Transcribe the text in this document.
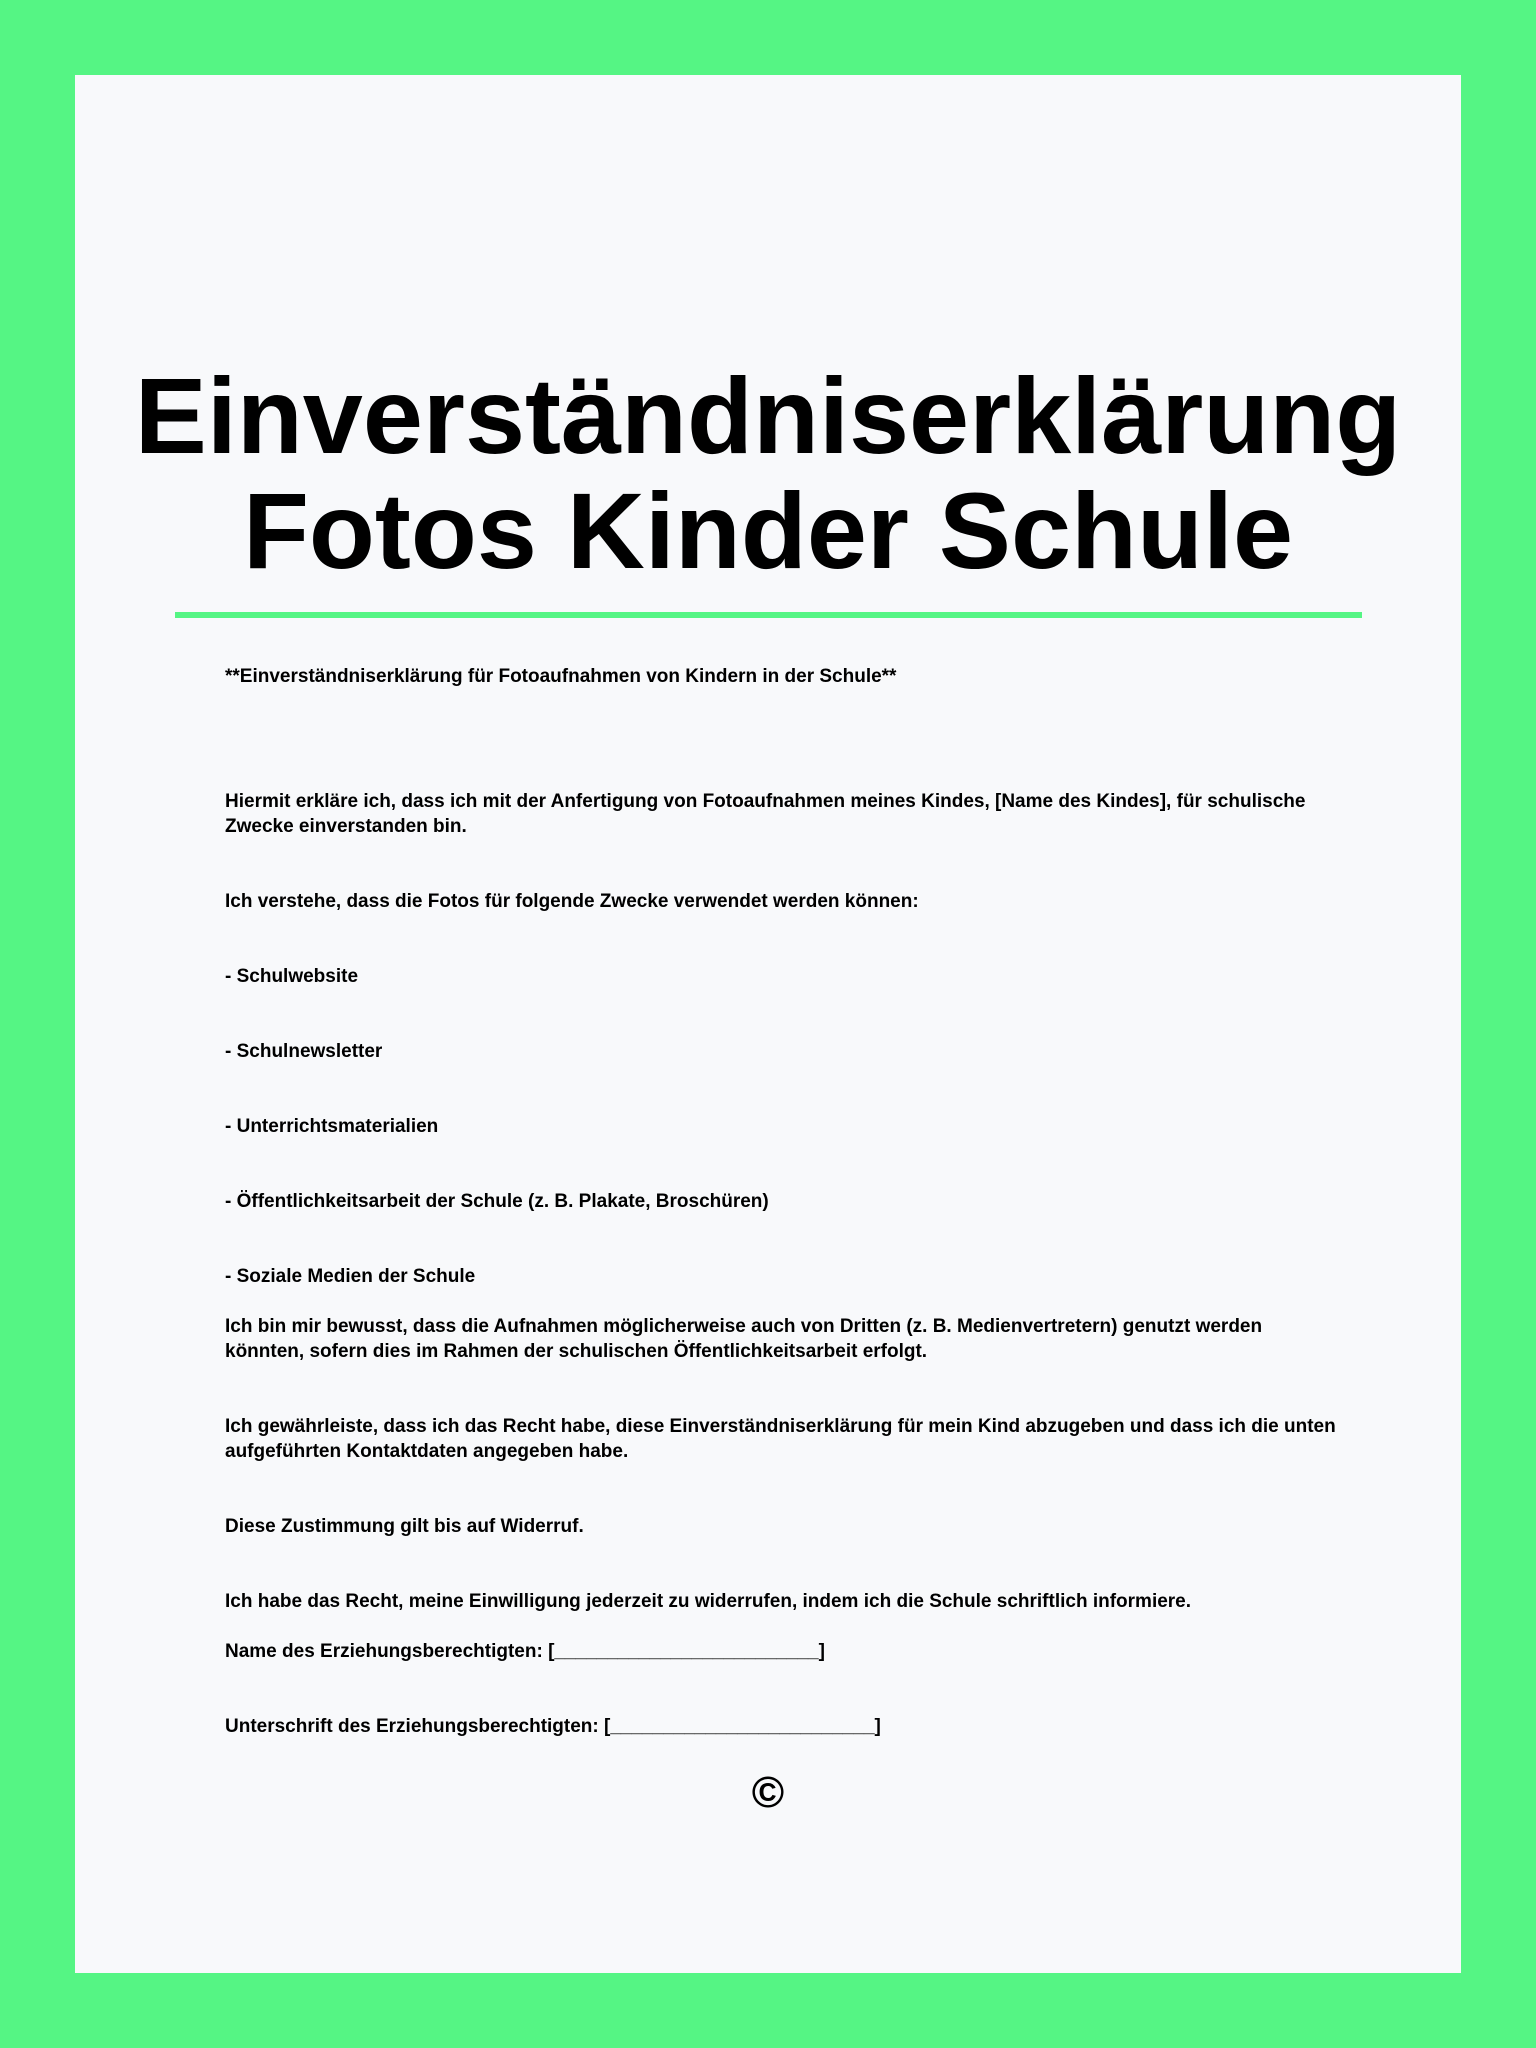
Einverständniserklärung
Fotos Kinder Schule

**Einverständniserklärung für Fotoaufnahmen von Kindern in der Schule**

Hiermit erkläre ich, dass ich mit der Anfertigung von Fotoaufnahmen meines Kindes, [Name des Kindes], für schulische Zwecke einverstanden bin.

Ich verstehe, dass die Fotos für folgende Zwecke verwendet werden können:

- Schulwebsite

- Schulnewsletter

- Unterrichtsmaterialien

- Öffentlichkeitsarbeit der Schule (z. B. Plakate, Broschüren)

- Soziale Medien der Schule

Ich bin mir bewusst, dass die Aufnahmen möglicherweise auch von Dritten (z. B. Medienvertretern) genutzt werden könnten, sofern dies im Rahmen der schulischen Öffentlichkeitsarbeit erfolgt.

Ich gewährleiste, dass ich das Recht habe, diese Einverständniserklärung für mein Kind abzugeben und dass ich die unten aufgeführten Kontaktdaten angegeben habe.

Diese Zustimmung gilt bis auf Widerruf.

Ich habe das Recht, meine Einwilligung jederzeit zu widerrufen, indem ich die Schule schriftlich informiere.

Name des Erziehungsberechtigten: [_________________________]

Unterschrift des Erziehungsberechtigten: [_________________________]

©
